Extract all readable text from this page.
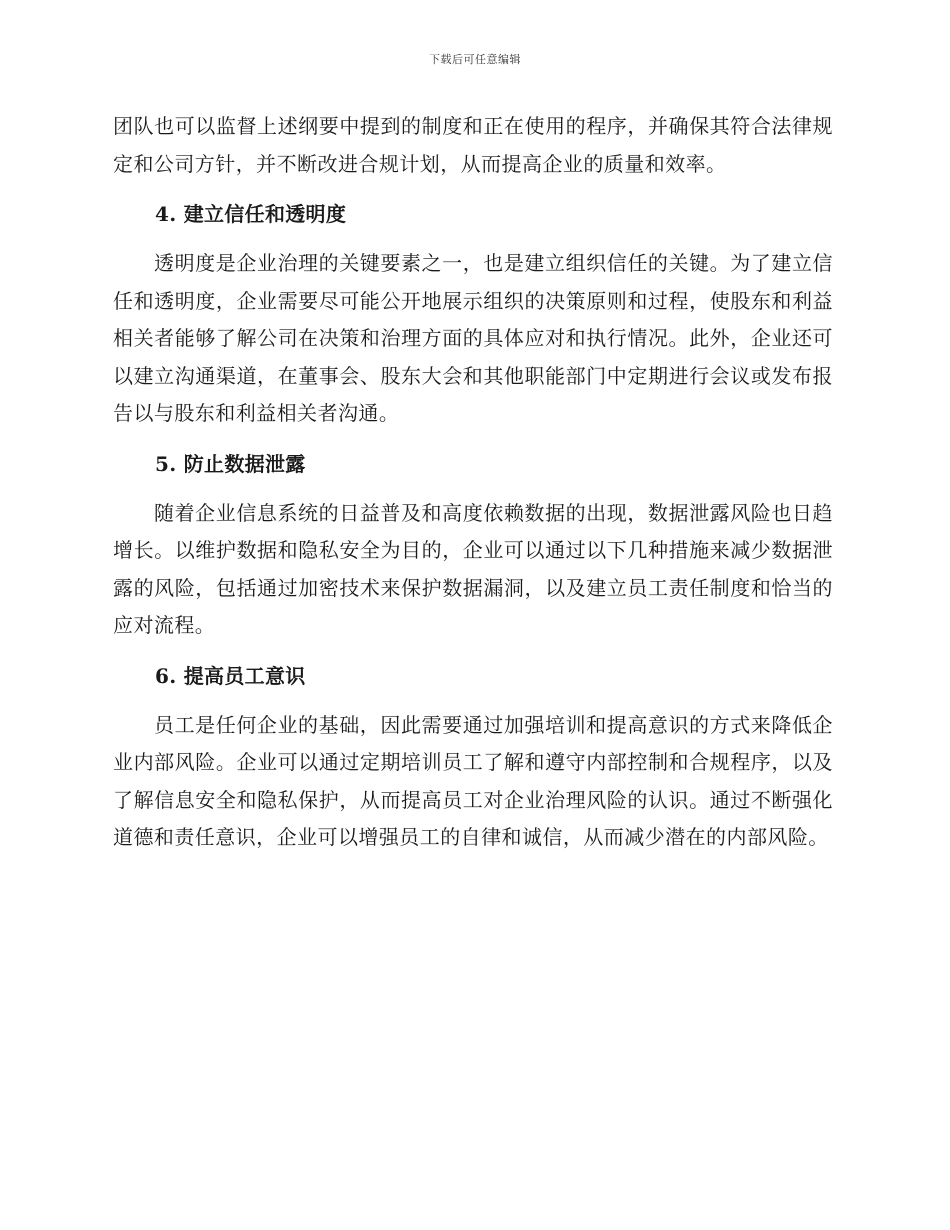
下载后可任意编辑

团队也可以监督上述纲要中提到的制度和正在使用的程序，并确保其符合法律规定和公司方针，并不断改进合规计划，从而提高企业的质量和效率。

4. 建立信任和透明度

透明度是企业治理的关键要素之一，也是建立组织信任的关键。为了建立信任和透明度，企业需要尽可能公开地展示组织的决策原则和过程，使股东和利益相关者能够了解公司在决策和治理方面的具体应对和执行情况。此外，企业还可以建立沟通渠道，在董事会、股东大会和其他职能部门中定期进行会议或发布报告以与股东和利益相关者沟通。

5. 防止数据泄露

随着企业信息系统的日益普及和高度依赖数据的出现，数据泄露风险也日趋增长。以维护数据和隐私安全为目的，企业可以通过以下几种措施来减少数据泄露的风险，包括通过加密技术来保护数据漏洞，以及建立员工责任制度和恰当的应对流程。

6. 提高员工意识

员工是任何企业的基础，因此需要通过加强培训和提高意识的方式来降低企业内部风险。企业可以通过定期培训员工了解和遵守内部控制和合规程序，以及了解信息安全和隐私保护，从而提高员工对企业治理风险的认识。通过不断强化道德和责任意识，企业可以增强员工的自律和诚信，从而减少潜在的内部风险。
